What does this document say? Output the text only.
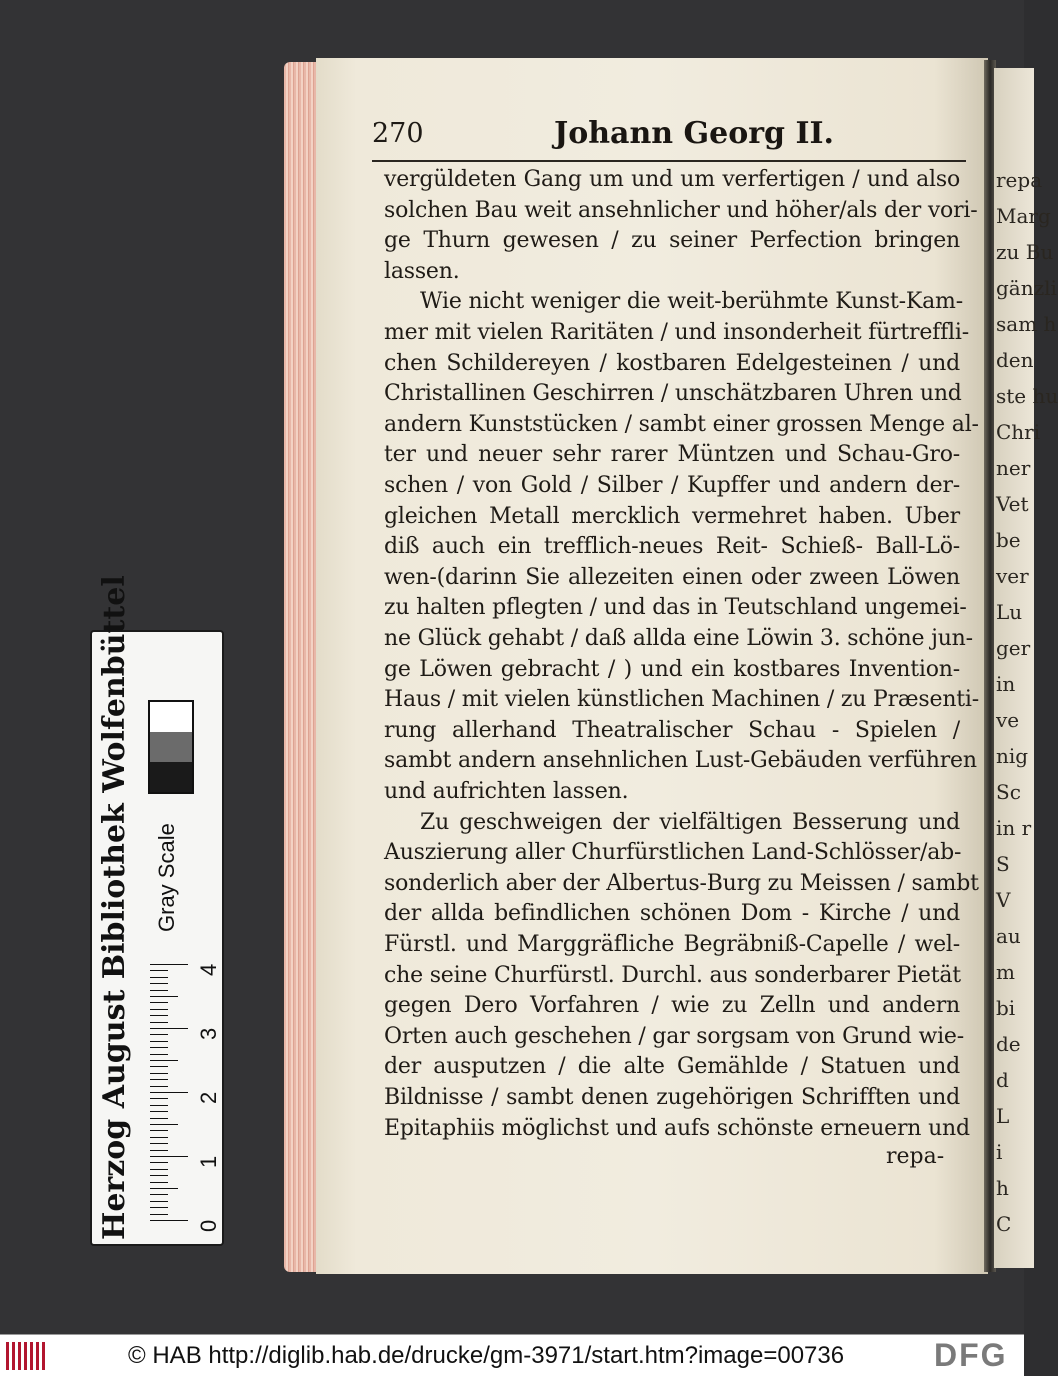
repa
Marg
zu Bu
gänzli
sam h
den
ste hu
Chri
ner
Vet
be
ver
Lu
ger
in
ve
nig
Sc
in r
S
V
au
m
bi
de
d
L
i
h
C
270	Johann Georg II.
vergüldeten Gang um und um verfertigen / und also
solchen Bau weit ansehnlicher und höher/als der vori-
ge Thurn gewesen / zu seiner Perfection bringen
lassen.
Wie nicht weniger die weit-berühmte Kunst-Kam-
mer mit vielen Raritäten / und insonderheit fürtreffli-
chen Schildereyen / kostbaren Edelgesteinen / und
Christallinen Geschirren / unschätzbaren Uhren und
andern Kunststücken / sambt einer grossen Menge al-
ter und neuer sehr rarer Müntzen und Schau-Gro-
schen / von Gold / Silber / Kupffer und andern der-
gleichen Metall mercklich vermehret haben. Uber
diß auch ein trefflich-neues Reit- Schieß- Ball-Lö-
wen-(darinn Sie allezeiten einen oder zween Löwen
zu halten pflegten / und das in Teutschland ungemei-
ne Glück gehabt / daß allda eine Löwin 3. schöne jun-
ge Löwen gebracht / ) und ein kostbares Invention-
Haus / mit vielen künstlichen Machinen / zu Præsenti-
rung allerhand Theatralischer Schau - Spielen /
sambt andern ansehnlichen Lust-Gebäuden verführen
und aufrichten lassen.
Zu geschweigen der vielfältigen Besserung und
Auszierung aller Churfürstlichen Land-Schlösser/ab-
sonderlich aber der Albertus-Burg zu Meissen / sambt
der allda befindlichen schönen Dom - Kirche / und
Fürstl. und Marggräfliche Begräbniß-Capelle / wel-
che seine Churfürstl. Durchl. aus sonderbarer Pietät
gegen Dero Vorfahren / wie zu Zelln und andern
Orten auch geschehen / gar sorgsam von Grund wie-
der ausputzen / die alte Gemählde / Statuen und
Bildnisse / sambt denen zugehörigen Schrifften und
Epitaphiis möglichst und aufs schönste erneuern und
repa-
Herzog August Bibliothek Wolfenbüttel Gray Scale
0
1
2
3
4
© HAB http://diglib.hab.de/drucke/gm-3971/start.htm?image=00736	DFG
